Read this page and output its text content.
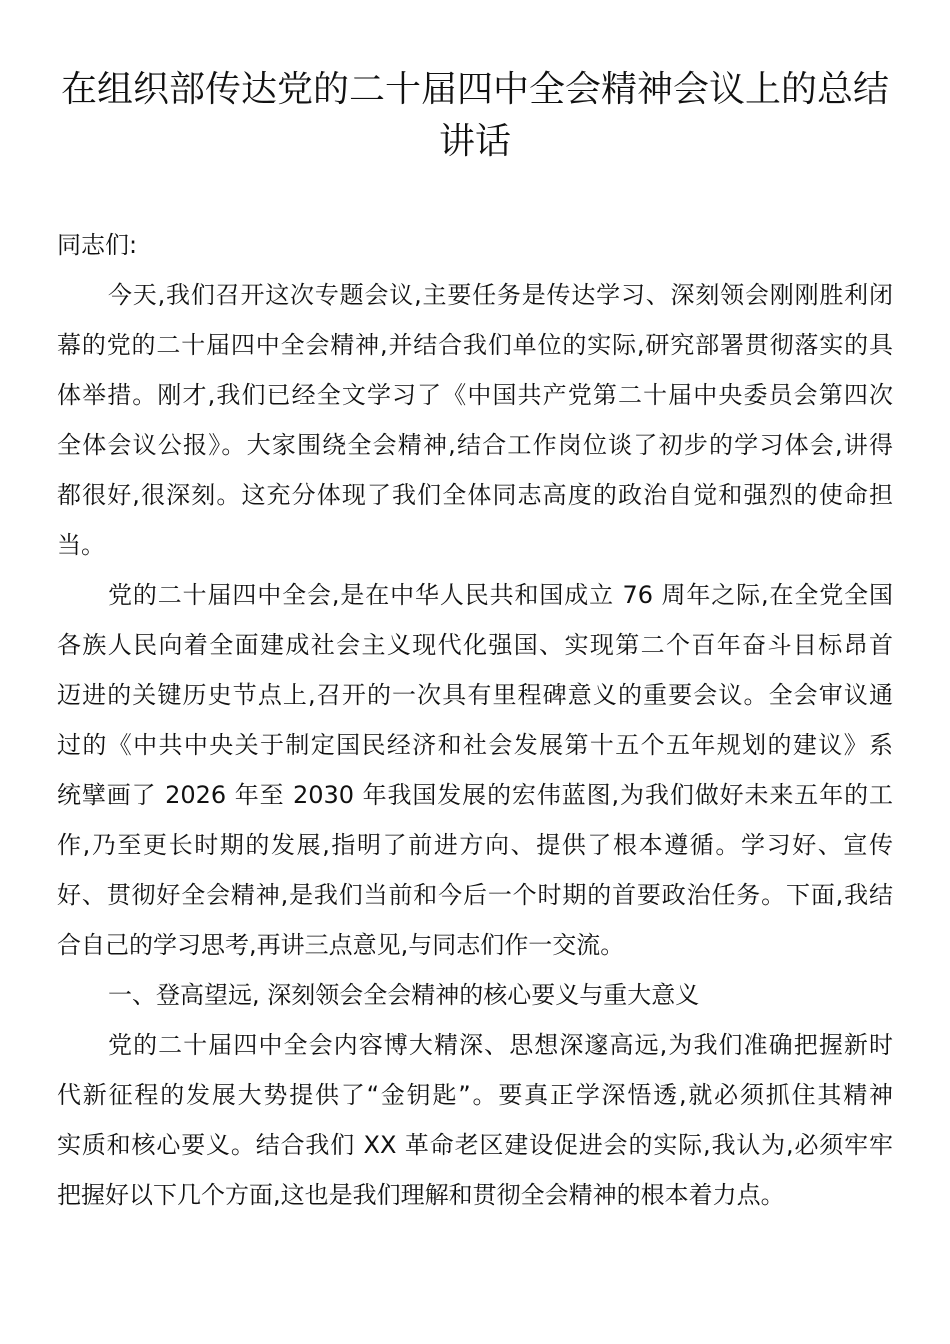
在组织部传达党的二十届四中全会精神会议上的总结
讲话
同志们:
今天,我们召开这次专题会议,主要任务是传达学习、深刻领会刚刚胜利闭
幕的党的二十届四中全会精神,并结合我们单位的实际,研究部署贯彻落实的具
体举措。刚才,我们已经全文学习了《中国共产党第二十届中央委员会第四次
全体会议公报》。大家围绕全会精神,结合工作岗位谈了初步的学习体会,讲得
都很好,很深刻。这充分体现了我们全体同志高度的政治自觉和强烈的使命担
当。
党的二十届四中全会,是在中华人民共和国成立 76 周年之际,在全党全国
各族人民向着全面建成社会主义现代化强国、实现第二个百年奋斗目标昂首
迈进的关键历史节点上,召开的一次具有里程碑意义的重要会议。全会审议通
过的《中共中央关于制定国民经济和社会发展第十五个五年规划的建议》系
统擘画了 2026 年至 2030 年我国发展的宏伟蓝图,为我们做好未来五年的工
作,乃至更长时期的发展,指明了前进方向、提供了根本遵循。学习好、宣传
好、贯彻好全会精神,是我们当前和今后一个时期的首要政治任务。下面,我结
合自己的学习思考,再讲三点意见,与同志们作一交流。
一、登高望远, 深刻领会全会精神的核心要义与重大意义
党的二十届四中全会内容博大精深、思想深邃高远,为我们准确把握新时
代新征程的发展大势提供了“金钥匙”。要真正学深悟透,就必须抓住其精神
实质和核心要义。结合我们 XX 革命老区建设促进会的实际,我认为,必须牢牢
把握好以下几个方面,这也是我们理解和贯彻全会精神的根本着力点。
